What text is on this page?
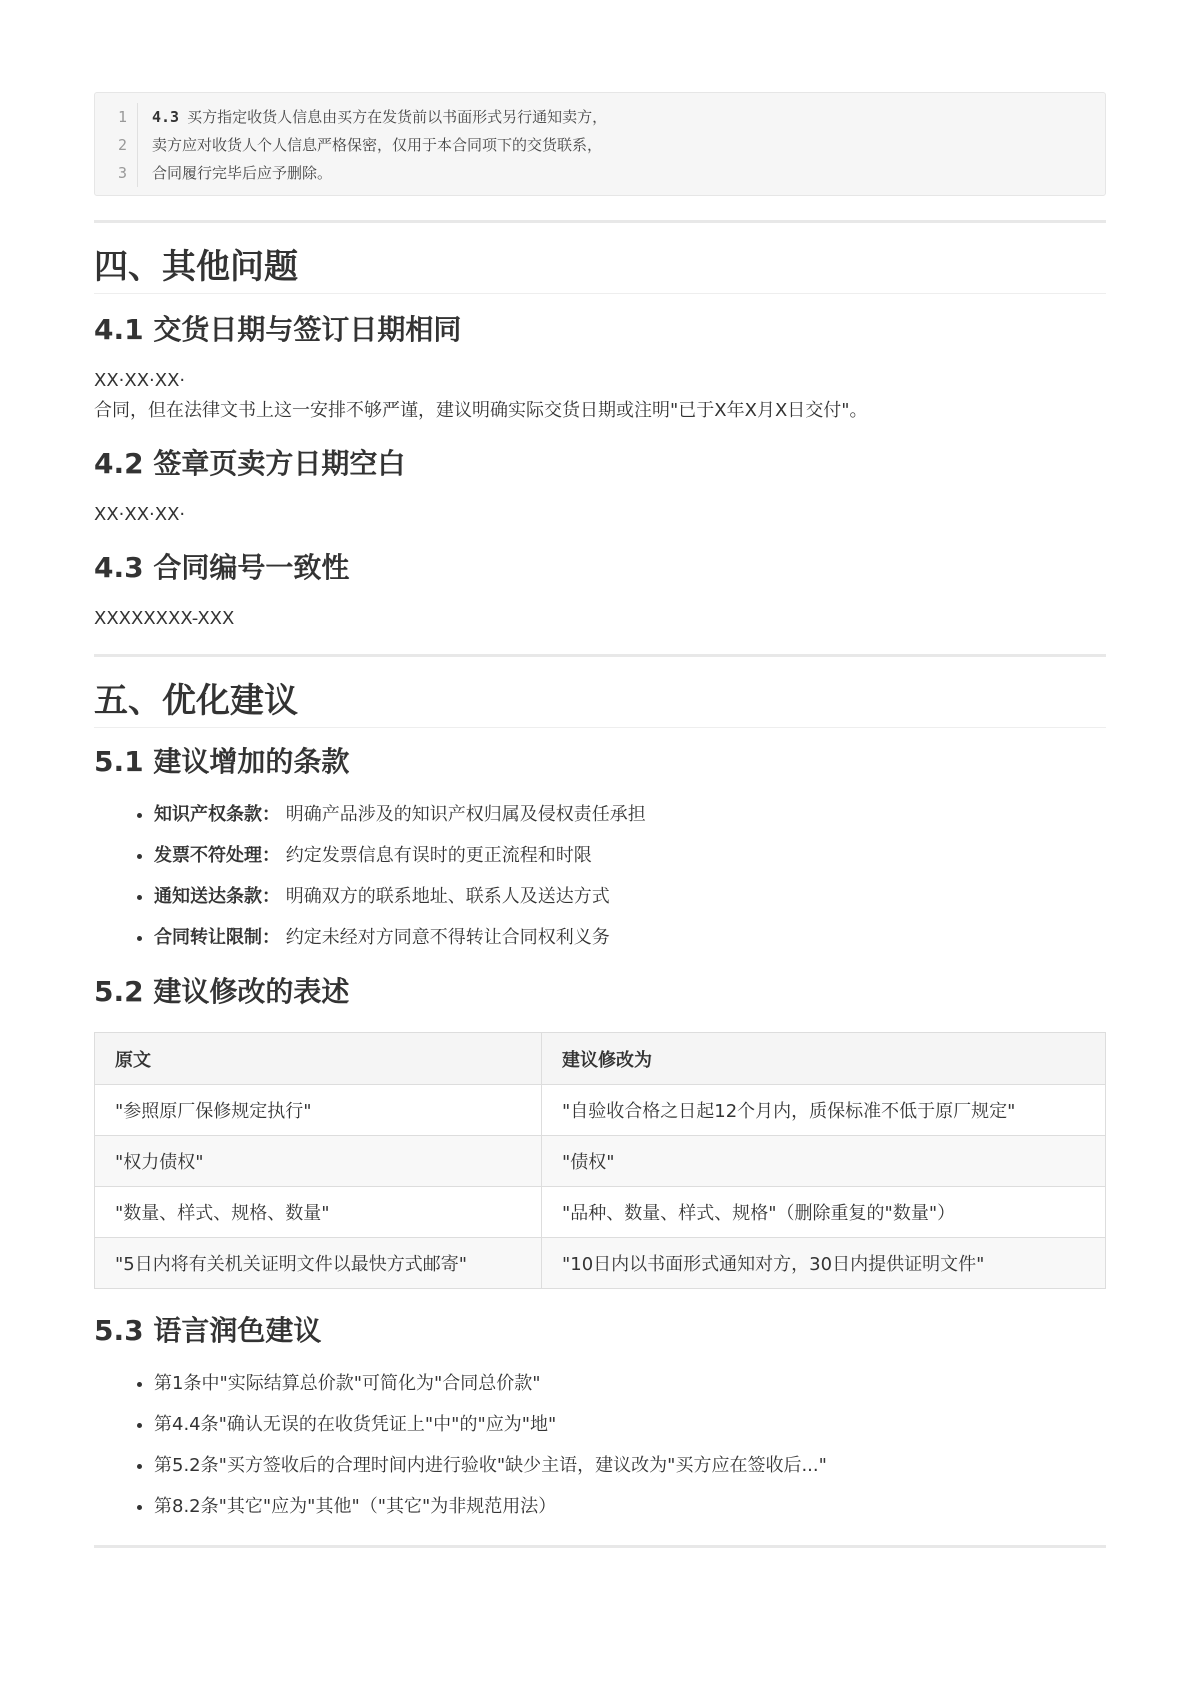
1	4.3 买方指定收货人信息由买方在发货前以书面形式另行通知卖方，
2	卖方应对收货人个人信息严格保密，仅用于本合同项下的交货联系，
3	合同履行完毕后应予删除。
四、其他问题
4.1 交货日期与签订日期相同

XX·XX·XX·

合同，但在法律文书上这一安排不够严谨，建议明确实际交货日期或注明"已于X年X月X日交付"。

4.2 签章页卖方日期空白

XX·XX·XX·

4.3 合同编号一致性

XXXXXXXX-XXX

五、优化建议
5.1 建议增加的条款
• 知识产权条款： 明确产品涉及的知识产权归属及侵权责任承担
• 发票不符处理： 约定发票信息有误时的更正流程和时限
• 通知送达条款： 明确双方的联系地址、联系人及送达方式
• 合同转让限制： 约定未经对方同意不得转让合同权利义务
5.2 建议修改的表述
原文	建议修改为
"参照原厂保修规定执行"	"自验收合格之日起12个月内，质保标准不低于原厂规定"
"权力债权"	"债权"
"数量、样式、规格、数量"	"品种、数量、样式、规格"（删除重复的"数量"）
"5日内将有关机关证明文件以最快方式邮寄"	"10日内以书面形式通知对方，30日内提供证明文件"
5.3 语言润色建议
• 第1条中"实际结算总价款"可简化为"合同总价款"
• 第4.4条"确认无误的在收货凭证上"中"的"应为"地"
• 第5.2条"买方签收后的合理时间内进行验收"缺少主语，建议改为"买方应在签收后..."
• 第8.2条"其它"应为"其他"（"其它"为非规范用法）
